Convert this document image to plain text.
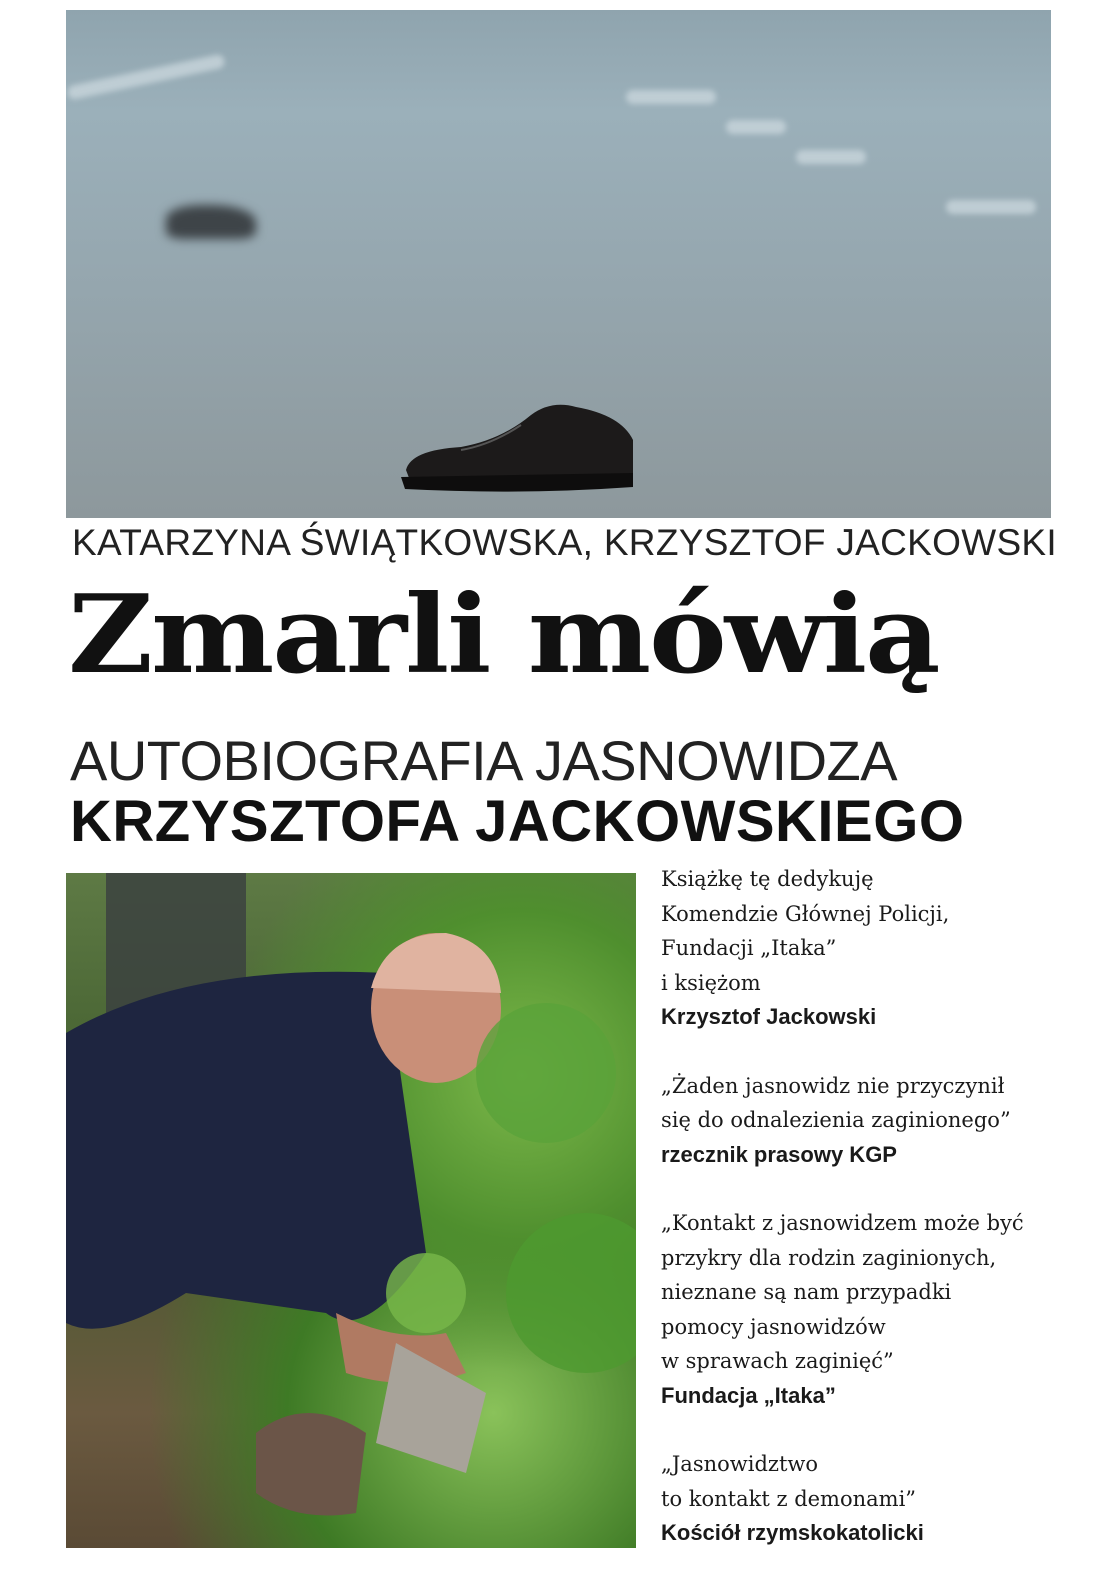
KATARZYNA ŚWIĄTKOWSKA, KRZYSZTOF JACKOWSKI
Zmarli mówią
AUTOBIOGRAFIA JASNOWIDZA
KRZYSZTOFA JACKOWSKIEGO

Książkę tę dedykuję
Komendzie Głównej Policji,
Fundacji „Itaka”
i księżom
Krzysztof Jackowski

„Żaden jasnowidz nie przyczynił
się do odnalezienia zaginionego”
rzecznik prasowy KGP

„Kontakt z jasnowidzem może być
przykry dla rodzin zaginionych,
nieznane są nam przypadki
pomocy jasnowidzów
w sprawach zaginięć”
Fundacja „Itaka”

„Jasnowidztwo
to kontakt z demonami”
Kościół rzymskokatolicki
